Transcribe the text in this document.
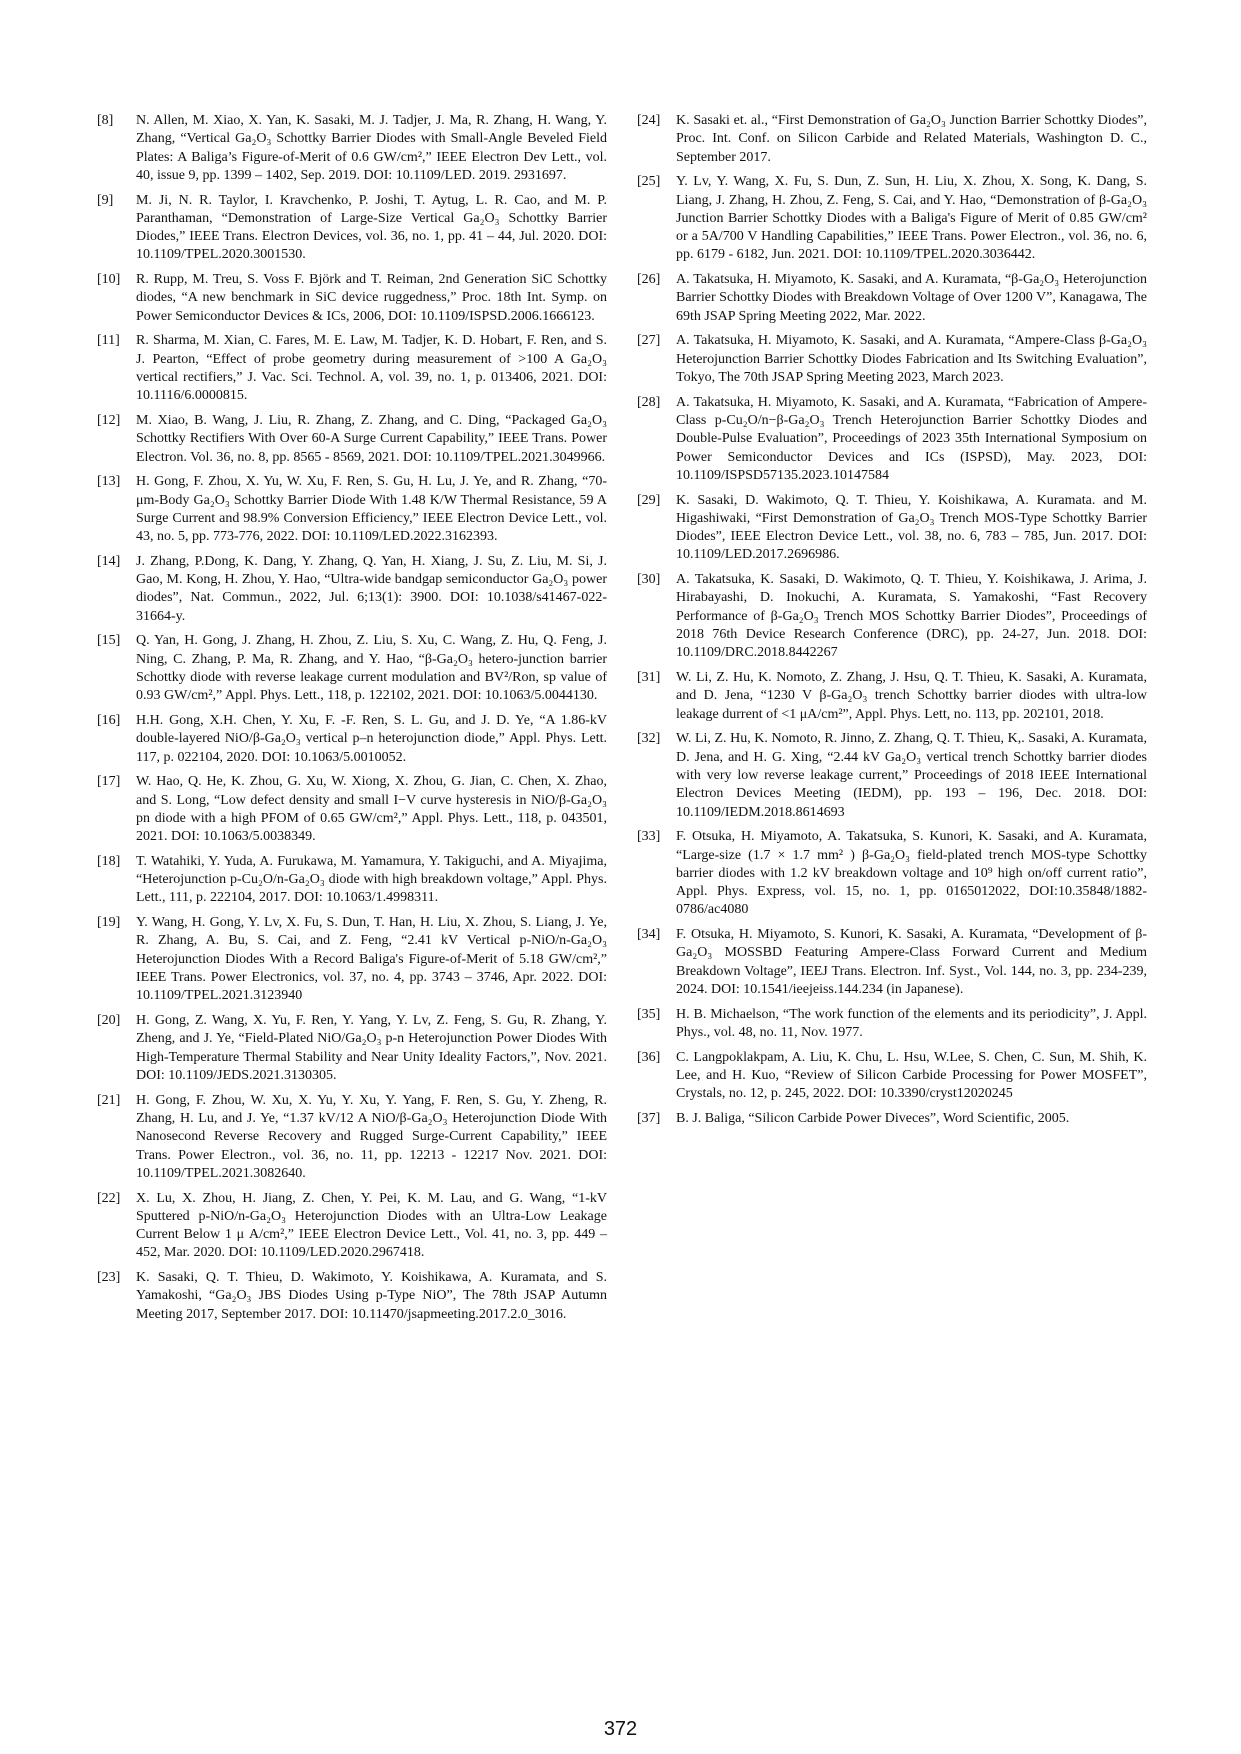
[8]	N. Allen, M. Xiao, X. Yan, K. Sasaki, M. J. Tadjer, J. Ma, R. Zhang, H. Wang, Y. Zhang, “Vertical Ga₂O₃ Schottky Barrier Diodes with Small-Angle Beveled Field Plates: A Baliga’s Figure-of-Merit of 0.6 GW/cm²,” IEEE Electron Dev Lett., vol. 40, issue 9, pp. 1399 – 1402, Sep. 2019. DOI: 10.1109/LED. 2019. 2931697.
[9]	M. Ji, N. R. Taylor, I. Kravchenko, P. Joshi, T. Aytug, L. R. Cao, and M. P. Paranthaman, “Demonstration of Large-Size Vertical Ga₂O₃ Schottky Barrier Diodes,” IEEE Trans. Electron Devices, vol. 36, no. 1, pp. 41 – 44, Jul. 2020. DOI: 10.1109/TPEL.2020.3001530.
[10]	R. Rupp, M. Treu, S. Voss F. Björk and T. Reiman, 2nd Generation SiC Schottky diodes, “A new benchmark in SiC device ruggedness,” Proc. 18th Int. Symp. on Power Semiconductor Devices & ICs, 2006, DOI: 10.1109/ISPSD.2006.1666123.
[11]	R. Sharma, M. Xian, C. Fares, M. E. Law, M. Tadjer, K. D. Hobart, F. Ren, and S. J. Pearton, “Effect of probe geometry during measurement of >100 A Ga₂O₃ vertical rectifiers,” J. Vac. Sci. Technol. A, vol. 39, no. 1, p. 013406, 2021. DOI: 10.1116/6.0000815.
[12]	M. Xiao, B. Wang, J. Liu, R. Zhang, Z. Zhang, and C. Ding, “Packaged Ga₂O₃ Schottky Rectifiers With Over 60-A Surge Current Capability,” IEEE Trans. Power Electron. Vol. 36, no. 8, pp. 8565 - 8569, 2021. DOI: 10.1109/TPEL.2021.3049966.
[13]	H. Gong, F. Zhou, X. Yu, W. Xu, F. Ren, S. Gu, H. Lu, J. Ye, and R. Zhang, “70-μm-Body Ga₂O₃ Schottky Barrier Diode With 1.48 K/W Thermal Resistance, 59 A Surge Current and 98.9% Conversion Efficiency,” IEEE Electron Device Lett., vol. 43, no. 5, pp. 773-776, 2022. DOI: 10.1109/LED.2022.3162393.
[14]	J. Zhang, P.Dong, K. Dang, Y. Zhang, Q. Yan, H. Xiang, J. Su, Z. Liu, M. Si, J. Gao, M. Kong, H. Zhou, Y. Hao, “Ultra-wide bandgap semiconductor Ga₂O₃ power diodes”, Nat. Commun., 2022, Jul. 6;13(1): 3900. DOI: 10.1038/s41467-022-31664-y.
[15]	Q. Yan, H. Gong, J. Zhang, H. Zhou, Z. Liu, S. Xu, C. Wang, Z. Hu, Q. Feng, J. Ning, C. Zhang, P. Ma, R. Zhang, and Y. Hao, “β-Ga₂O₃ hetero-junction barrier Schottky diode with reverse leakage current modulation and BV²/Ron, sp value of 0.93 GW/cm²,” Appl. Phys. Lett., 118, p. 122102, 2021. DOI: 10.1063/5.0044130.
[16]	H.H. Gong, X.H. Chen, Y. Xu, F. -F. Ren, S. L. Gu, and J. D. Ye, “A 1.86-kV double-layered NiO/β-Ga₂O₃ vertical p–n heterojunction diode,” Appl. Phys. Lett. 117, p. 022104, 2020. DOI: 10.1063/5.0010052.
[17]	W. Hao, Q. He, K. Zhou, G. Xu, W. Xiong, X. Zhou, G. Jian, C. Chen, X. Zhao, and S. Long, “Low defect density and small I−V curve hysteresis in NiO/β-Ga₂O₃ pn diode with a high PFOM of 0.65 GW/cm²,” Appl. Phys. Lett., 118, p. 043501, 2021. DOI: 10.1063/5.0038349.
[18]	T. Watahiki, Y. Yuda, A. Furukawa, M. Yamamura, Y. Takiguchi, and A. Miyajima, “Heterojunction p-Cu₂O/n-Ga₂O₃ diode with high breakdown voltage,” Appl. Phys. Lett., 111, p. 222104, 2017. DOI: 10.1063/1.4998311.
[19]	Y. Wang, H. Gong, Y. Lv, X. Fu, S. Dun, T. Han, H. Liu, X. Zhou, S. Liang, J. Ye, R. Zhang, A. Bu, S. Cai, and Z. Feng, “2.41 kV Vertical p-NiO/n-Ga₂O₃ Heterojunction Diodes With a Record Baliga's Figure-of-Merit of 5.18 GW/cm²,” IEEE Trans. Power Electronics, vol. 37, no. 4, pp. 3743 – 3746, Apr. 2022. DOI: 10.1109/TPEL.2021.3123940
[20]	H. Gong, Z. Wang, X. Yu, F. Ren, Y. Yang, Y. Lv, Z. Feng, S. Gu, R. Zhang, Y. Zheng, and J. Ye, “Field-Plated NiO/Ga₂O₃ p-n Heterojunction Power Diodes With High-Temperature Thermal Stability and Near Unity Ideality Factors,”, Nov. 2021. DOI: 10.1109/JEDS.2021.3130305.
[21]	H. Gong, F. Zhou, W. Xu, X. Yu, Y. Xu, Y. Yang, F. Ren, S. Gu, Y. Zheng, R. Zhang, H. Lu, and J. Ye, “1.37 kV/12 A NiO/β-Ga₂O₃ Heterojunction Diode With Nanosecond Reverse Recovery and Rugged Surge-Current Capability,” IEEE Trans. Power Electron., vol. 36, no. 11, pp. 12213 - 12217 Nov. 2021. DOI: 10.1109/TPEL.2021.3082640.
[22]	X. Lu, X. Zhou, H. Jiang, Z. Chen, Y. Pei, K. M. Lau, and G. Wang, “1-kV Sputtered p-NiO/n-Ga₂O₃ Heterojunction Diodes with an Ultra-Low Leakage Current Below 1 μ A/cm²,” IEEE Electron Device Lett., Vol. 41, no. 3, pp. 449 – 452, Mar. 2020. DOI: 10.1109/LED.2020.2967418.
[23]	K. Sasaki, Q. T. Thieu, D. Wakimoto, Y. Koishikawa, A. Kuramata, and S. Yamakoshi, “Ga₂O₃ JBS Diodes Using p-Type NiO”, The 78th JSAP Autumn Meeting 2017, September 2017. DOI: 10.11470/jsapmeeting.2017.2.0_3016.
[24]	K. Sasaki et. al., “First Demonstration of Ga₂O₃ Junction Barrier Schottky Diodes”, Proc. Int. Conf. on Silicon Carbide and Related Materials, Washington D. C., September 2017.
[25]	Y. Lv, Y. Wang, X. Fu, S. Dun, Z. Sun, H. Liu, X. Zhou, X. Song, K. Dang, S. Liang, J. Zhang, H. Zhou, Z. Feng, S. Cai, and Y. Hao, “Demonstration of β-Ga₂O₃ Junction Barrier Schottky Diodes with a Baliga's Figure of Merit of 0.85 GW/cm² or a 5A/700 V Handling Capabilities,” IEEE Trans. Power Electron., vol. 36, no. 6, pp. 6179 - 6182, Jun. 2021. DOI: 10.1109/TPEL.2020.3036442.
[26]	A. Takatsuka, H. Miyamoto, K. Sasaki, and A. Kuramata, “β-Ga₂O₃ Heterojunction Barrier Schottky Diodes with Breakdown Voltage of Over 1200 V”, Kanagawa, The 69th JSAP Spring Meeting 2022, Mar. 2022.
[27]	A. Takatsuka, H. Miyamoto, K. Sasaki, and A. Kuramata, “Ampere-Class β-Ga₂O₃ Heterojunction Barrier Schottky Diodes Fabrication and Its Switching Evaluation”, Tokyo, The 70th JSAP Spring Meeting 2023, March 2023.
[28]	A. Takatsuka, H. Miyamoto, K. Sasaki, and A. Kuramata, “Fabrication of Ampere-Class p-Cu₂O/n−β-Ga₂O₃ Trench Heterojunction Barrier Schottky Diodes and Double-Pulse Evaluation”, Proceedings of 2023 35th International Symposium on Power Semiconductor Devices and ICs (ISPSD), May. 2023, DOI: 10.1109/ISPSD57135.2023.10147584
[29]	K. Sasaki, D. Wakimoto, Q. T. Thieu, Y. Koishikawa, A. Kuramata. and M. Higashiwaki, “First Demonstration of Ga₂O₃ Trench MOS-Type Schottky Barrier Diodes”, IEEE Electron Device Lett., vol. 38, no. 6, 783 – 785, Jun. 2017. DOI: 10.1109/LED.2017.2696986.
[30]	A. Takatsuka, K. Sasaki, D. Wakimoto, Q. T. Thieu, Y. Koishikawa, J. Arima, J. Hirabayashi, D. Inokuchi, A. Kuramata, S. Yamakoshi, “Fast Recovery Performance of β-Ga₂O₃ Trench MOS Schottky Barrier Diodes”, Proceedings of 2018 76th Device Research Conference (DRC), pp. 24-27, Jun. 2018. DOI: 10.1109/DRC.2018.8442267
[31]	W. Li, Z. Hu, K. Nomoto, Z. Zhang, J. Hsu, Q. T. Thieu, K. Sasaki, A. Kuramata, and D. Jena, “1230 V β-Ga₂O₃ trench Schottky barrier diodes with ultra-low leakage durrent of <1 μA/cm²”, Appl. Phys. Lett, no. 113, pp. 202101, 2018.
[32]	W. Li, Z. Hu, K. Nomoto, R. Jinno, Z. Zhang, Q. T. Thieu, K,. Sasaki, A. Kuramata, D. Jena, and H. G. Xing, “2.44 kV Ga₂O₃ vertical trench Schottky barrier diodes with very low reverse leakage current,” Proceedings of 2018 IEEE International Electron Devices Meeting (IEDM), pp. 193 – 196, Dec. 2018. DOI: 10.1109/IEDM.2018.8614693
[33]	F. Otsuka, H. Miyamoto, A. Takatsuka, S. Kunori, K. Sasaki, and A. Kuramata, “Large-size (1.7 × 1.7 mm² ) β-Ga₂O₃ field-plated trench MOS-type Schottky barrier diodes with 1.2 kV breakdown voltage and 10⁹ high on/off current ratio”, Appl. Phys. Express, vol. 15, no. 1, pp. 0165012022, DOI:10.35848/1882-0786/ac4080
[34]	F. Otsuka, H. Miyamoto, S. Kunori, K. Sasaki, A. Kuramata, “Development of β-Ga₂O₃ MOSSBD Featuring Ampere-Class Forward Current and Medium Breakdown Voltage”, IEEJ Trans. Electron. Inf. Syst., Vol. 144, no. 3, pp. 234-239, 2024. DOI: 10.1541/ieejeiss.144.234 (in Japanese).
[35]	H. B. Michaelson, “The work function of the elements and its periodicity”, J. Appl. Phys., vol. 48, no. 11, Nov. 1977.
[36]	C. Langpoklakpam, A. Liu, K. Chu, L. Hsu, W.Lee, S. Chen, C. Sun, M. Shih, K. Lee, and H. Kuo, “Review of Silicon Carbide Processing for Power MOSFET”, Crystals, no. 12, p. 245, 2022. DOI: 10.3390/cryst12020245
[37]	B. J. Baliga, “Silicon Carbide Power Diveces”, Word Scientific, 2005.
372
